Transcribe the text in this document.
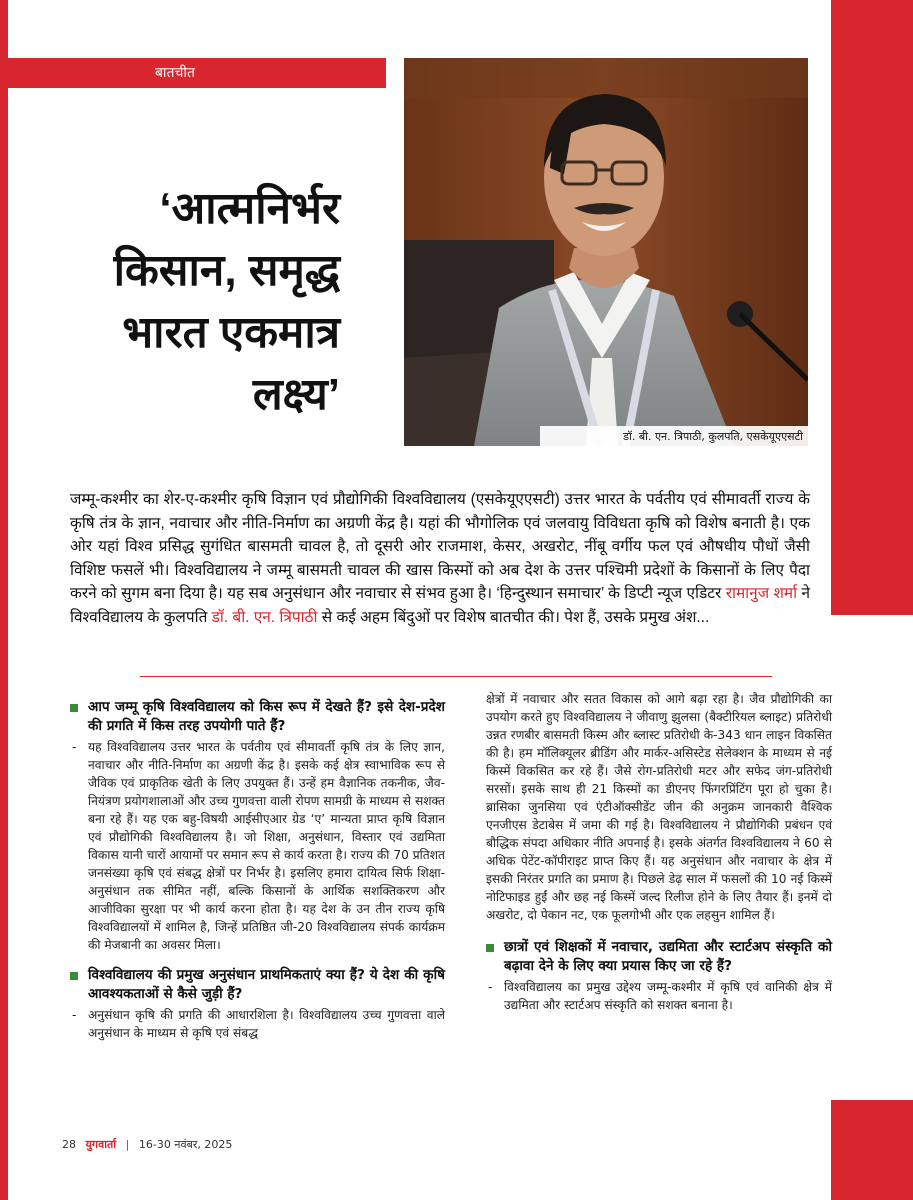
बातचीत
‘आत्मनिर्भर
किसान, समृद्ध
भारत एकमात्र
लक्ष्य’
डॉ. बी. एन. त्रिपाठी, कुलपति, एसकेयूएएसटी
जम्मू-कश्मीर का शेर-ए-कश्मीर कृषि विज्ञान एवं प्रौद्योगिकी विश्वविद्यालय (एसकेयूएएसटी) उत्तर भारत के पर्वतीय एवं सीमावर्ती राज्य के कृषि तंत्र के ज्ञान, नवाचार और नीति-निर्माण का अग्रणी केंद्र है। यहां की भौगोलिक एवं जलवायु विविधता कृषि को विशेष बनाती है। एक ओर यहां विश्व प्रसिद्ध सुगंधित बासमती चावल है, तो दूसरी ओर राजमाश, केसर, अखरोट, नींबू वर्गीय फल एवं औषधीय पौधों जैसी विशिष्ट फसलें भी। विश्वविद्यालय ने जम्मू बासमती चावल की खास किस्मों को अब देश के उत्तर पश्चिमी प्रदेशों के किसानों के लिए पैदा करने को सुगम बना दिया है। यह सब अनुसंधान और नवाचार से संभव हुआ है। ‘हिन्दुस्थान समाचार’ के डिप्टी न्यूज एडिटर रामानुज शर्मा ने विश्वविद्यालय के कुलपति डॉ. बी. एन. त्रिपाठी से कई अहम बिंदुओं पर विशेष बातचीत की। पेश हैं, उसके प्रमुख अंश...
आप जम्मू कृषि विश्वविद्यालय को किस रूप में देखते हैं? इसे देश-प्रदेश की प्रगति में किस तरह उपयोगी पाते हैं?
- यह विश्वविद्यालय उत्तर भारत के पर्वतीय एवं सीमावर्ती कृषि तंत्र के लिए ज्ञान, नवाचार और नीति-निर्माण का अग्रणी केंद्र है। इसके कई क्षेत्र स्वाभाविक रूप से जैविक एवं प्राकृतिक खेती के लिए उपयुक्त हैं। उन्हें हम वैज्ञानिक तकनीक, जैव-नियंत्रण प्रयोगशालाओं और उच्च गुणवत्ता वाली रोपण सामग्री के माध्यम से सशक्त बना रहे हैं। यह एक बहु-विषयी आईसीएआर ग्रेड ‘ए’ मान्यता प्राप्त कृषि विज्ञान एवं प्रौद्योगिकी विश्वविद्यालय है। जो शिक्षा, अनुसंधान, विस्तार एवं उद्यमिता विकास यानी चारों आयामों पर समान रूप से कार्य करता है। राज्य की 70 प्रतिशत जनसंख्या कृषि एवं संबद्ध क्षेत्रों पर निर्भर है। इसलिए हमारा दायित्व सिर्फ शिक्षा-अनुसंधान तक सीमित नहीं, बल्कि किसानों के आर्थिक सशक्तिकरण और आजीविका सुरक्षा पर भी कार्य करना होता है। यह देश के उन तीन राज्य कृषि विश्वविद्यालयों में शामिल है, जिन्हें प्रतिष्ठित जी-20 विश्वविद्यालय संपर्क कार्यक्रम की मेजबानी का अवसर मिला।

विश्वविद्यालय की प्रमुख अनुसंधान प्राथमिकताएं क्या हैं? ये देश की कृषि आवश्यकताओं से कैसे जुड़ी हैं?
- अनुसंधान कृषि की प्रगति की आधारशिला है। विश्वविद्यालय उच्च गुणवत्ता वाले अनुसंधान के माध्यम से कृषि एवं संबद्ध

क्षेत्रों में नवाचार और सतत विकास को आगे बढ़ा रहा है। जैव प्रौद्योगिकी का उपयोग करते हुए विश्वविद्यालय ने जीवाणु झुलसा (बैक्टीरियल ब्लाइट) प्रतिरोधी उन्नत रणबीर बासमती किस्म और ब्लास्ट प्रतिरोधी के-343 धान लाइन विकसित की है। हम मॉलिक्यूलर ब्रीडिंग और मार्कर-असिस्टेड सेलेक्शन के माध्यम से नई किस्में विकसित कर रहे हैं। जैसे रोग-प्रतिरोधी मटर और सफेद जंग-प्रतिरोधी सरसों। इसके साथ ही 21 किस्मों का डीएनए फिंगरप्रिंटिंग पूरा हो चुका है। ब्रासिका जुनसिया एवं एंटीऑक्सीडेंट जीन की अनुक्रम जानकारी वैश्विक एनजीएस डेटाबेस में जमा की गई है। विश्वविद्यालय ने प्रौद्योगिकी प्रबंधन एवं बौद्धिक संपदा अधिकार नीति अपनाई है। इसके अंतर्गत विश्वविद्यालय ने 60 से अधिक पेटेंट-कॉपीराइट प्राप्त किए हैं। यह अनुसंधान और नवाचार के क्षेत्र में इसकी निरंतर प्रगति का प्रमाण है। पिछले डेढ़ साल में फसलों की 10 नई किस्में नोटिफाइड हुईं और छह नई किस्में जल्द रिलीज होने के लिए तैयार हैं। इनमें दो अखरोट, दो पेकान नट, एक फूलगोभी और एक लहसुन शामिल हैं।

छात्रों एवं शिक्षकों में नवाचार, उद्यमिता और स्टार्टअप संस्कृति को बढ़ावा देने के लिए क्या प्रयास किए जा रहे हैं?
- विश्वविद्यालय का प्रमुख उद्देश्य जम्मू-कश्मीर में कृषि एवं वानिकी क्षेत्र में उद्यमिता और स्टार्टअप संस्कृति को सशक्त बनाना है।

28 युगवार्ता | 16-30 नवंबर, 2025
